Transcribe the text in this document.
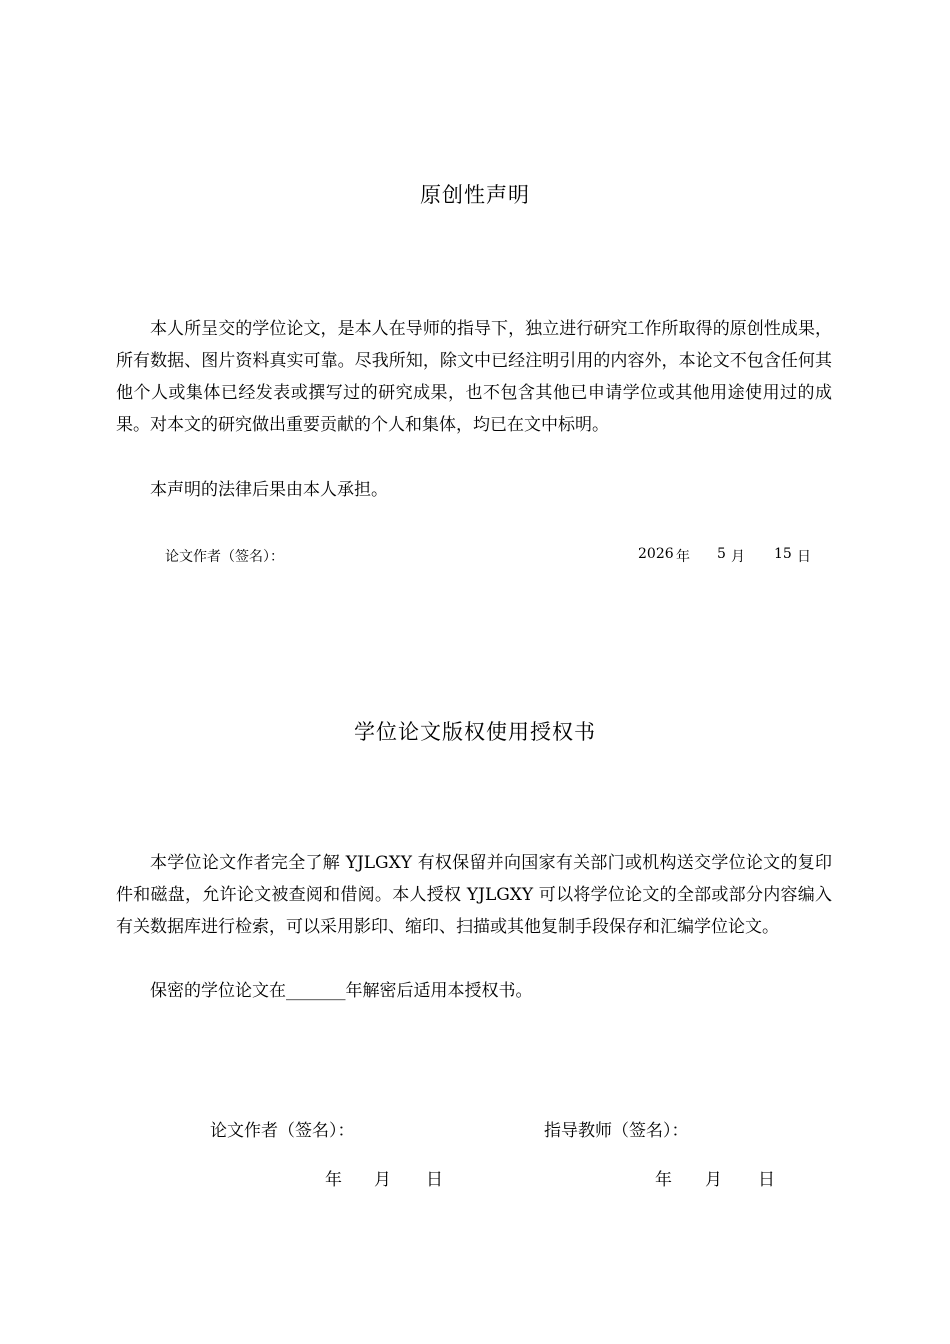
原创性声明

本人所呈交的学位论文，是本人在导师的指导下，独立进行研究工作所取得的原创性成果，所有数据、图片资料真实可靠。尽我所知，除文中已经注明引用的内容外，本论文不包含任何其他个人或集体已经发表或撰写过的研究成果，也不包含其他已申请学位或其他用途使用过的成果。对本文的研究做出重要贡献的个人和集体，均已在文中标明。

本声明的法律后果由本人承担。

论文作者（签名）：	2026 年 5 月 15 日
学位论文版权使用授权书

本学位论文作者完全了解 YJLGXY 有权保留并向国家有关部门或机构送交学位论文的复印件和磁盘，允许论文被查阅和借阅。本人授权 YJLGXY 可以将学位论文的全部或部分内容编入有关数据库进行检索，可以采用影印、缩印、扫描或其他复制手段保存和汇编学位论文。

保密的学位论文在_______年解密后适用本授权书。

论文作者（签名）：	指导教师（签名）：
年 月 日	年 月 日
